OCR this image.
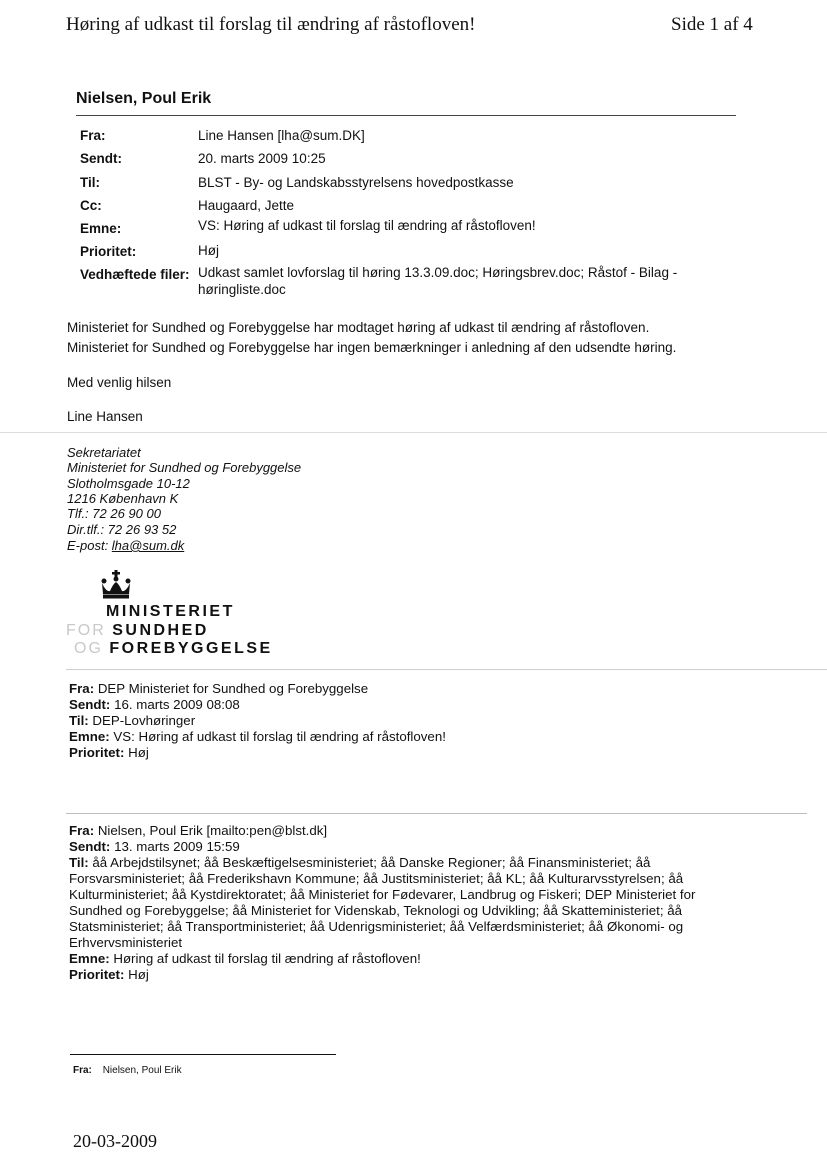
Høring af udkast til forslag til ændring af råstofloven!	Side 1 af 4
Nielsen, Poul Erik
Fra:	Line Hansen [lha@sum.DK]
Sendt:	20. marts 2009 10:25
Til:	BLST - By- og Landskabsstyrelsens hovedpostkasse
Cc:	Haugaard, Jette
Emne:	VS: Høring af udkast til forslag til ændring af råstofloven!
Prioritet:	Høj
Vedhæftede filer: Udkast samlet lovforslag til høring 13.3.09.doc; Høringsbrev.doc; Råstof - Bilag -
høringliste.doc
Ministeriet for Sundhed og Forebyggelse har modtaget høring af udkast til ændring af råstofloven.
Ministeriet for Sundhed og Forebyggelse har ingen bemærkninger i anledning af den udsendte høring.
Med venlig hilsen
Line Hansen
Sekretariatet
Ministeriet for Sundhed og Forebyggelse
Slotholmsgade 10-12
1216 København K
Tlf.: 72 26 90 00
Dir.tlf.: 72 26 93 52
E-post: lha@sum.dk
MINISTERIET
FOR SUNDHED
OG FOREBYGGELSE
Fra: DEP Ministeriet for Sundhed og Forebyggelse
Sendt: 16. marts 2009 08:08
Til: DEP-Lovhøringer
Emne: VS: Høring af udkast til forslag til ændring af råstofloven!
Prioritet: Høj
Fra: Nielsen, Poul Erik [mailto:pen@blst.dk]
Sendt: 13. marts 2009 15:59
Til: åå Arbejdstilsynet; åå Beskæftigelsesministeriet; åå Danske Regioner; åå Finansministeriet; åå
Forsvarsministeriet; åå Frederikshavn Kommune; åå Justitsministeriet; åå KL; åå Kulturarvsstyrelsen; åå
Kulturministeriet; åå Kystdirektoratet; åå Ministeriet for Fødevarer, Landbrug og Fiskeri; DEP Ministeriet for
Sundhed og Forebyggelse; åå Ministeriet for Videnskab, Teknologi og Udvikling; åå Skatteministeriet; åå
Statsministeriet; åå Transportministeriet; åå Udenrigsministeriet; åå Velfærdsministeriet; åå Økonomi- og
Erhvervsministeriet
Emne: Høring af udkast til forslag til ændring af råstofloven!
Prioritet: Høj
Fra: Nielsen, Poul Erik
20-03-2009
